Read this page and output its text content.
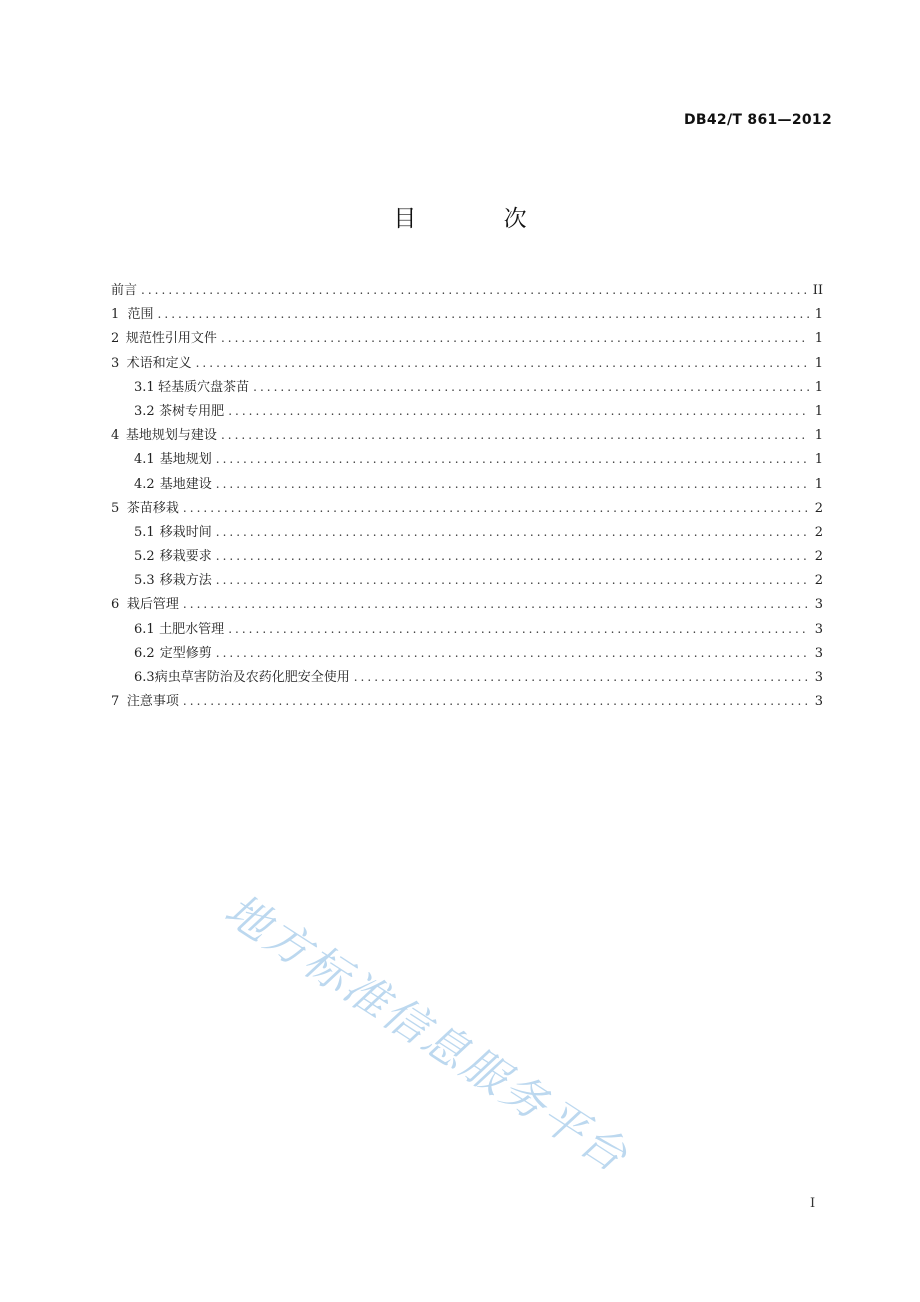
DB42/T 861—2012
目 次
前言 . . .	II
1 范围 . . .	1
2 规范性引用文件 . . .	1
3 术语和定义 . . .	1
3.1 轻基质穴盘茶苗 . . .	1
3.2 茶树专用肥 . . .	1
4 基地规划与建设 . . .	1
4.1 基地规划 . . .	1
4.2 基地建设 . . .	1
5 茶苗移栽 . . .	2
5.1 移栽时间 . . .	2
5.2 移栽要求 . . .	2
5.3 移栽方法 . . .	2
6 栽后管理 . . .	3
6.1 土肥水管理 . . .	3
6.2 定型修剪 . . .	3
6.3 病虫草害防治及农药化肥安全使用 . . .	3
7 注意事项 . . .	3
地方标准信息服务平台
I
